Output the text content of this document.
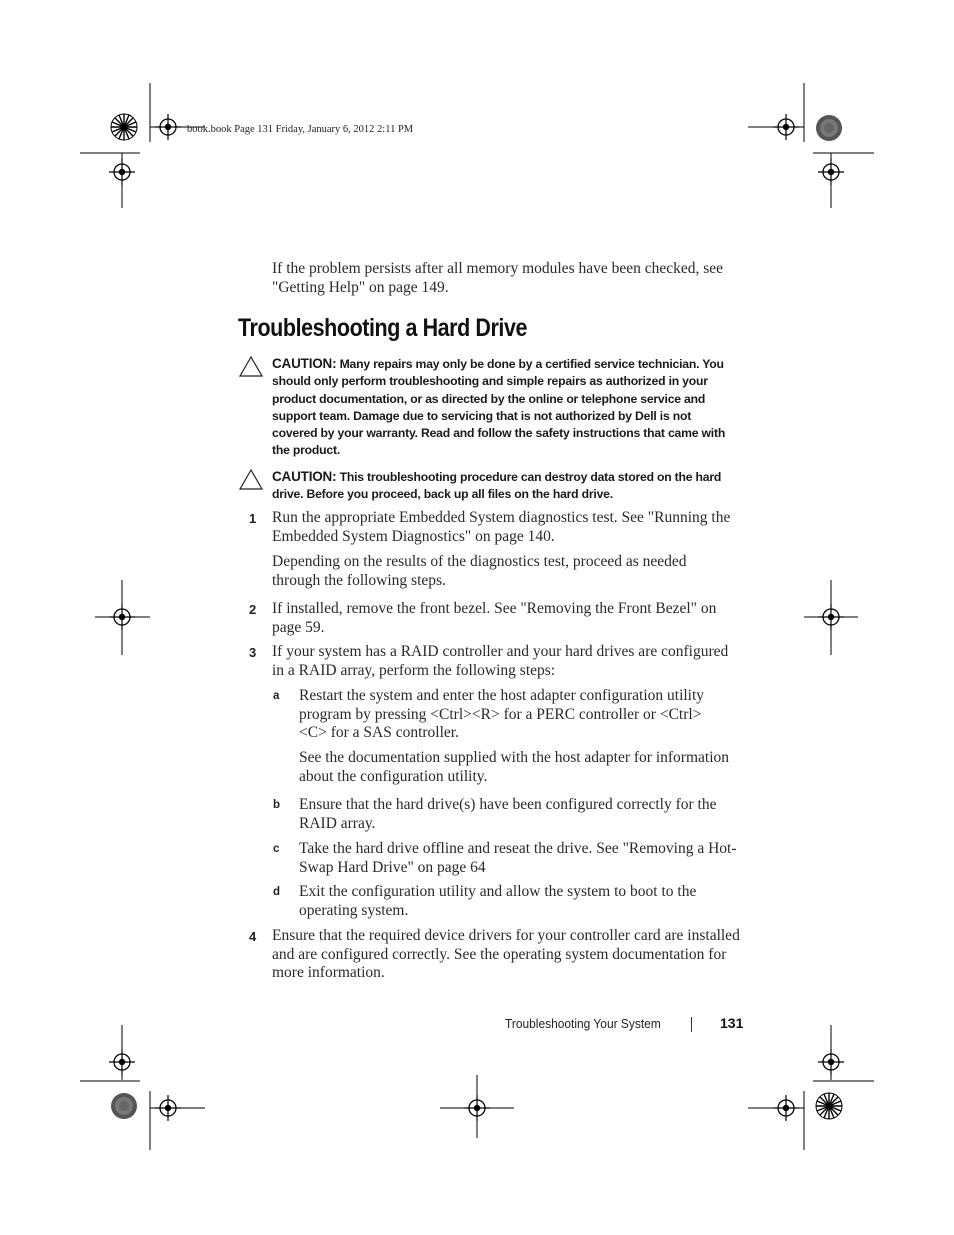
book.book Page 131 Friday, January 6, 2012 2:11 PM
If the problem persists after all memory modules have been checked, see "Getting Help" on page 149.
Troubleshooting a Hard Drive
CAUTION: Many repairs may only be done by a certified service technician. You should only perform troubleshooting and simple repairs as authorized in your product documentation, or as directed by the online or telephone service and support team. Damage due to servicing that is not authorized by Dell is not covered by your warranty. Read and follow the safety instructions that came with the product.
CAUTION: This troubleshooting procedure can destroy data stored on the hard drive. Before you proceed, back up all files on the hard drive.
1 Run the appropriate Embedded System diagnostics test. See "Running the Embedded System Diagnostics" on page 140.
Depending on the results of the diagnostics test, proceed as needed through the following steps.
2 If installed, remove the front bezel. See "Removing the Front Bezel" on page 59.
3 If your system has a RAID controller and your hard drives are configured in a RAID array, perform the following steps:
a Restart the system and enter the host adapter configuration utility program by pressing <Ctrl><R> for a PERC controller or <Ctrl><C> for a SAS controller.
See the documentation supplied with the host adapter for information about the configuration utility.
b Ensure that the hard drive(s) have been configured correctly for the RAID array.
c Take the hard drive offline and reseat the drive. See "Removing a Hot-Swap Hard Drive" on page 64
d Exit the configuration utility and allow the system to boot to the operating system.
4 Ensure that the required device drivers for your controller card are installed and are configured correctly. See the operating system documentation for more information.
Troubleshooting Your System	131
